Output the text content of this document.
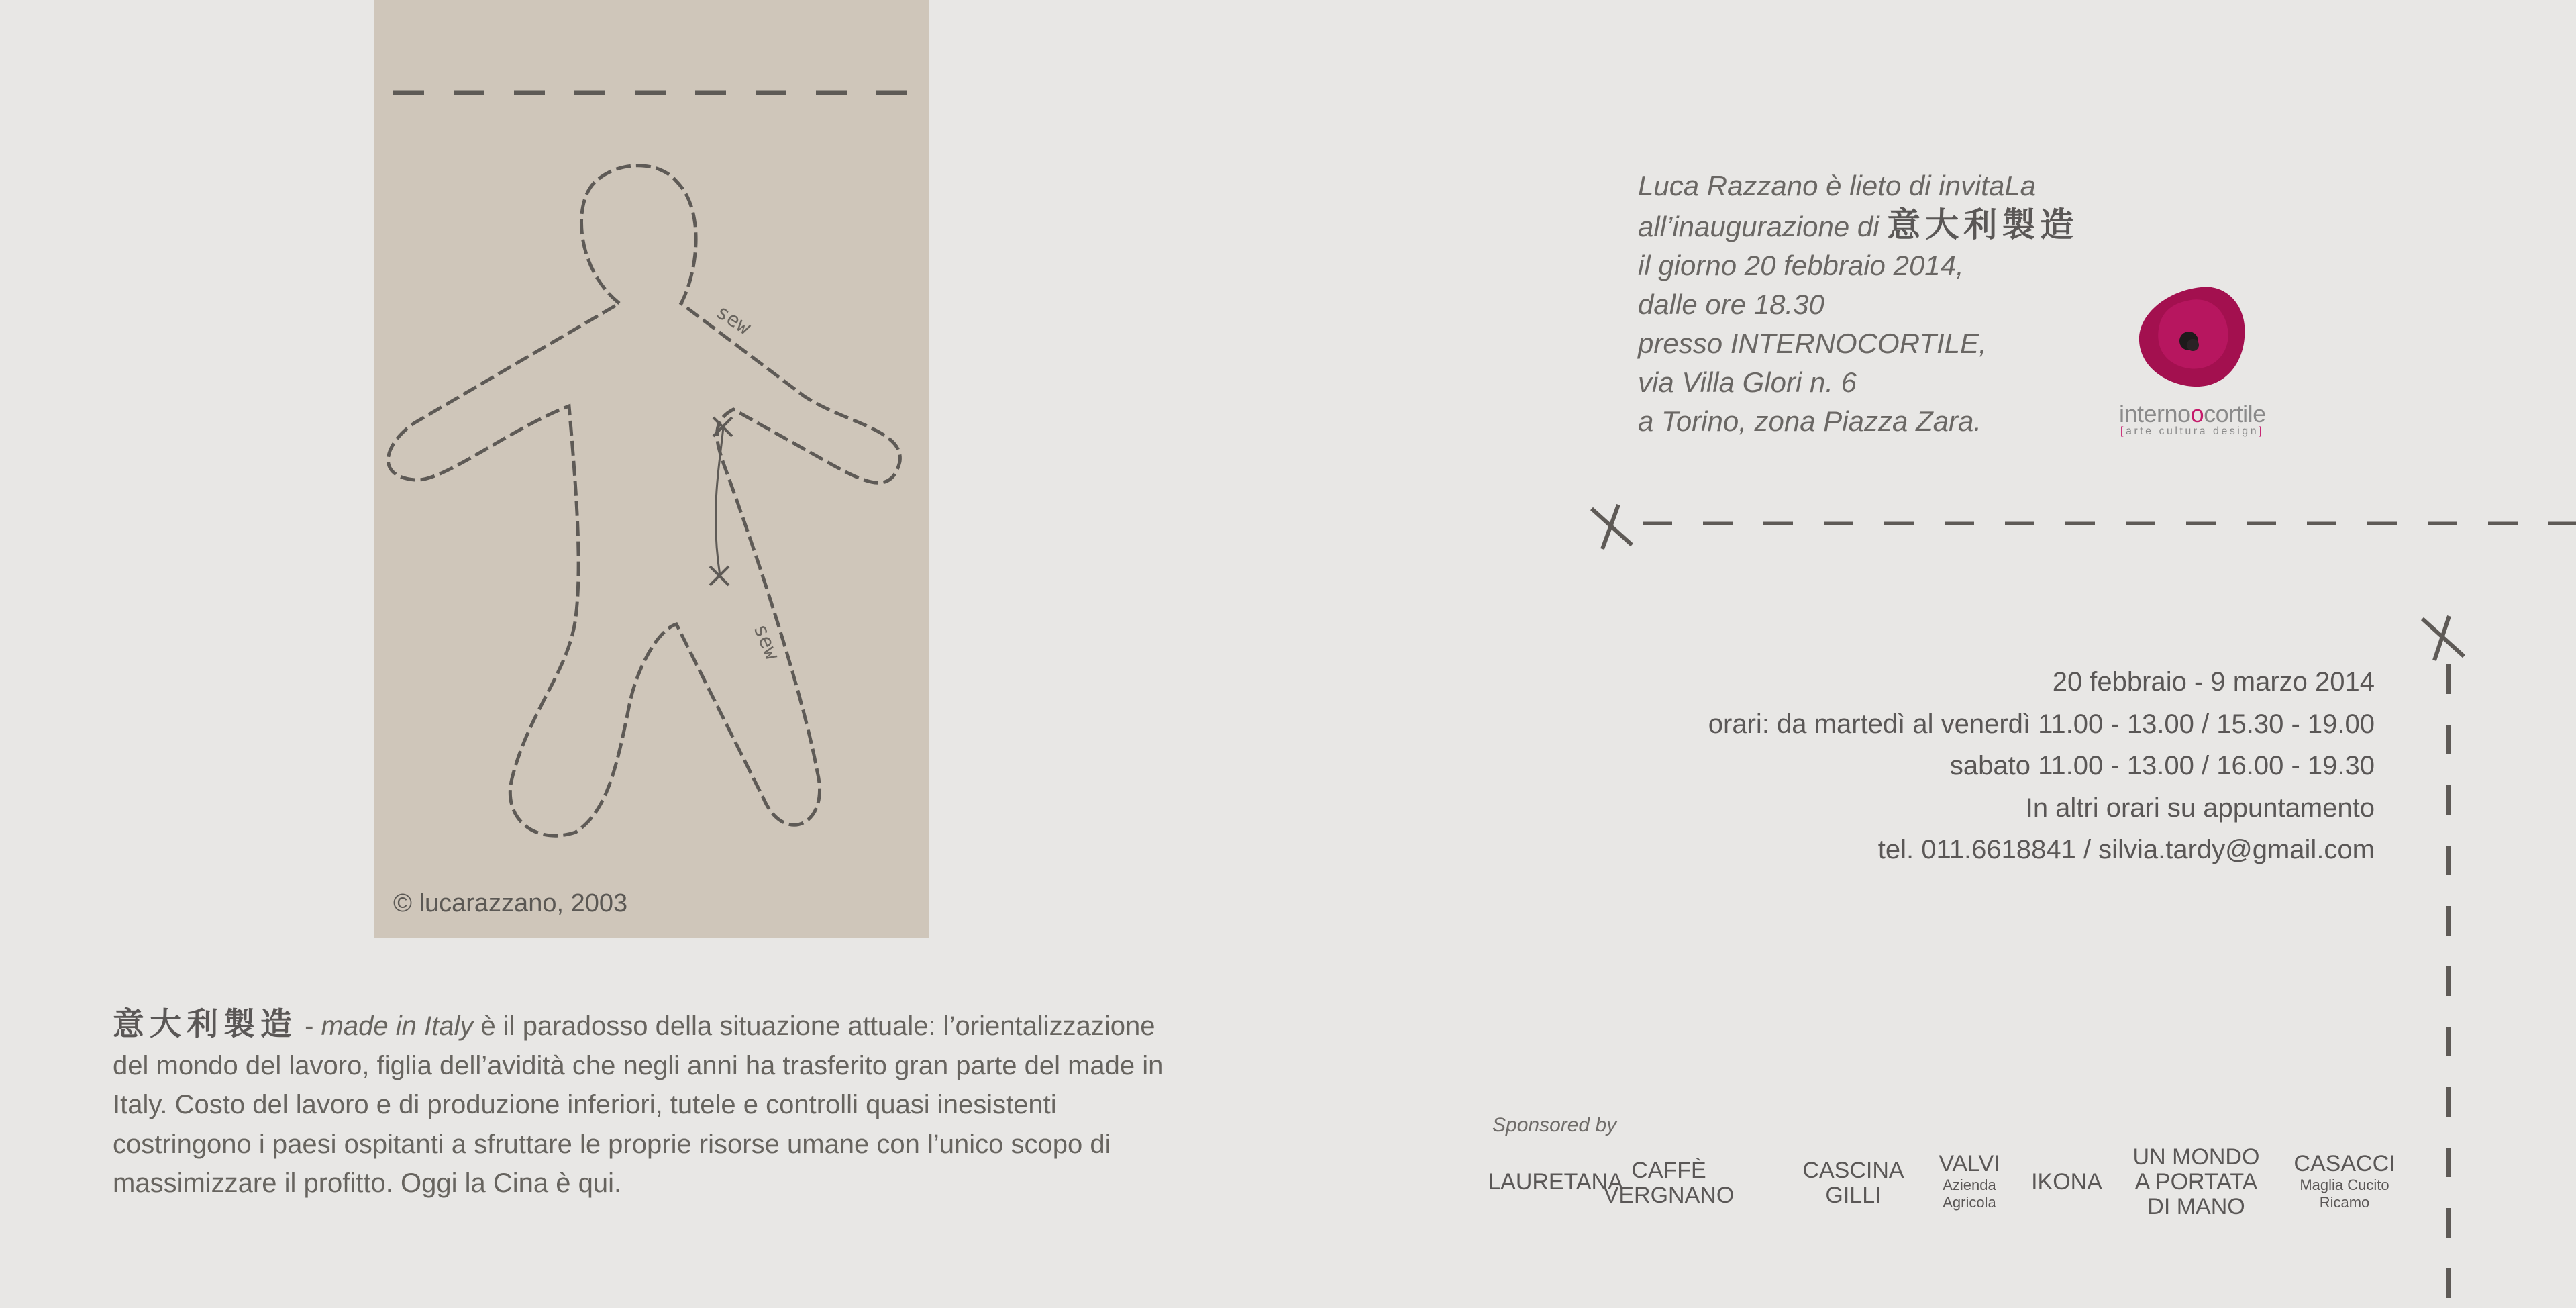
sew
sew
© lucarazzano, 2003
意大利製造 - made in Italy è il paradosso della situazione attuale: l’orientalizzazione del mondo del lavoro, figlia dell’avidità che negli anni ha trasferito gran parte del made in Italy. Costo del lavoro e di produzione inferiori, tutele e controlli quasi inesistenti costringono i paesi ospitanti a sfruttare le proprie risorse umane con l’unico scopo di massimizzare il profitto. Oggi la Cina è qui.
Luca Razzano è lieto di invitaLa
all’inaugurazione di 意大利製造
il giorno 20 febbraio 2014,
dalle ore 18.30
presso INTERNOCORTILE,
via Villa Glori n. 6
a Torino, zona Piazza Zara.	internoocortile
[arte cultura design]
20 febbraio - 9 marzo 2014
orari: da martedì al venerdì 11.00 - 13.00 / 15.30 - 19.00
sabato 11.00 - 13.00 / 16.00 - 19.30
In altri orari su appuntamento
tel. 011.6618841 / silvia.tardy@gmail.com
Sponsored by
LAURETANA CAFFÈ
VERGNANO
CASCINA
GILLI
VALVI
Azienda
Agricola
IKONA
UN MONDO
A PORTATA
DI MANO
CASACCI
Maglia Cucito
Ricamo
